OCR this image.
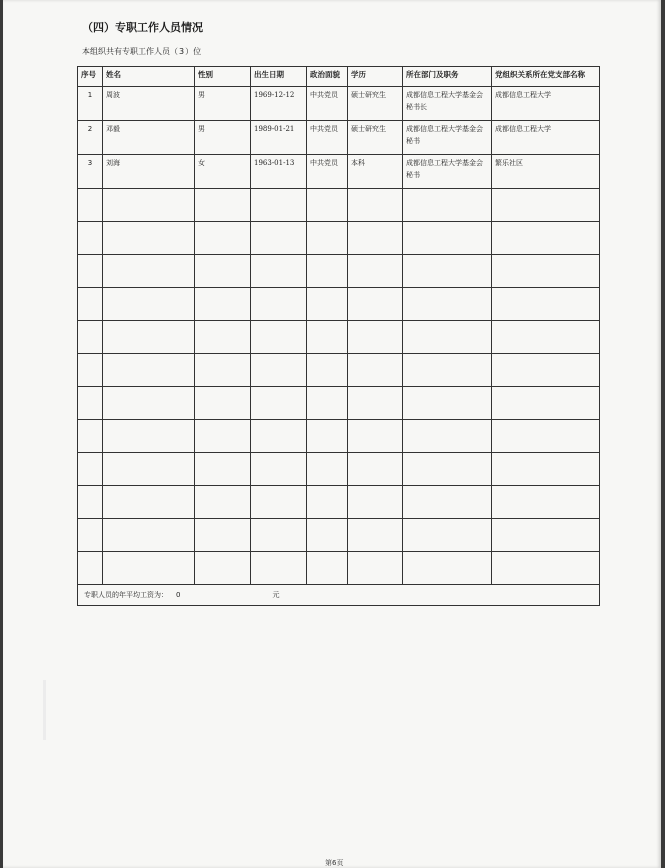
（四）专职工作人员情况
本组织共有专职工作人员（3）位
序号	姓名	性别	出生日期	政治面貌	学历	所在部门及职务	党组织关系所在党支部名称
1	周波	男	1969-12-12	中共党员	硕士研究生	成都信息工程大学基金会秘书长	成都信息工程大学
2	邓毅	男	1989-01-21	中共党员	硕士研究生	成都信息工程大学基金会秘书	成都信息工程大学
3	刘海	女	1963-01-13	中共党员	本科	成都信息工程大学基金会秘书	繁乐社区

专职人员的年平均工资为： 0 元							
第6页
